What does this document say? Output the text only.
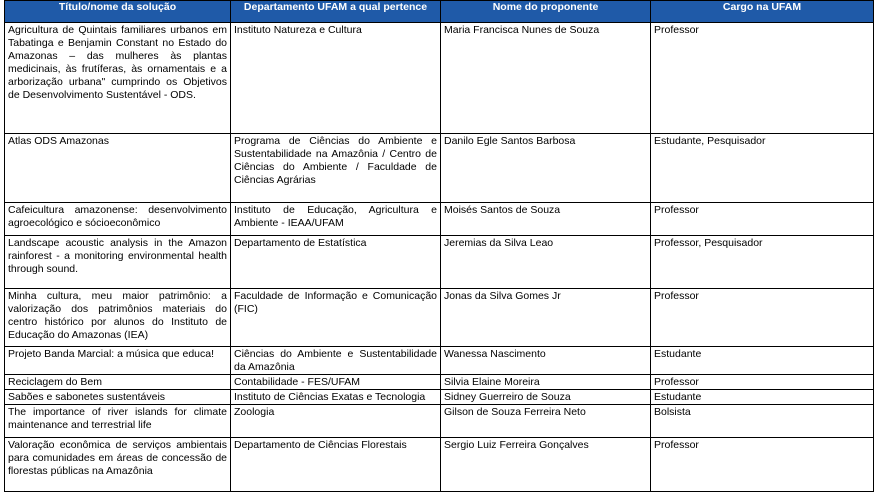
Título/nome da solução	Departamento UFAM a qual pertence	Nome do proponente	Cargo na UFAM
Agricultura de Quintais familiares urbanos em Tabatinga e Benjamin Constant no Estado do Amazonas – das mulheres às plantas medicinais, às frutíferas, às ornamentais e a arborização urbana" cumprindo os Objetivos de Desenvolvimento Sustentável - ODS.	Instituto Natureza e Cultura	Maria Francisca Nunes de Souza	Professor
Atlas ODS Amazonas	Programa de Ciências do Ambiente e Sustentabilidade na Amazônia / Centro de Ciências do Ambiente / Faculdade de Ciências Agrárias	Danilo Egle Santos Barbosa	Estudante, Pesquisador
Cafeicultura amazonense: desenvolvimento agroecológico e sócioeconômico	Instituto de Educação, Agricultura e Ambiente - IEAA/UFAM	Moisés Santos de Souza	Professor
Landscape acoustic analysis in the Amazon rainforest - a monitoring environmental health through sound.	Departamento de Estatística	Jeremias da Silva Leao	Professor, Pesquisador
Minha cultura, meu maior patrimônio: a valorização dos patrimônios materiais do centro histórico por alunos do Instituto de Educação do Amazonas (IEA)	Faculdade de Informação e Comunicação (FIC)	Jonas da Silva Gomes Jr	Professor
Projeto Banda Marcial: a música que educa!	Ciências do Ambiente e Sustentabilidade da Amazônia	Wanessa Nascimento	Estudante
Reciclagem do Bem	Contabilidade - FES/UFAM	Silvia Elaine Moreira	Professor
Sabões e sabonetes sustentáveis	Instituto de Ciências Exatas e Tecnologia	Sidney Guerreiro de Souza	Estudante
The importance of river islands for climate maintenance and terrestrial life	Zoologia	Gilson de Souza Ferreira Neto	Bolsista
Valoração econômica de serviços ambientais para comunidades em áreas de concessão de florestas públicas na Amazônia	Departamento de Ciências Florestais	Sergio Luiz Ferreira Gonçalves	Professor
